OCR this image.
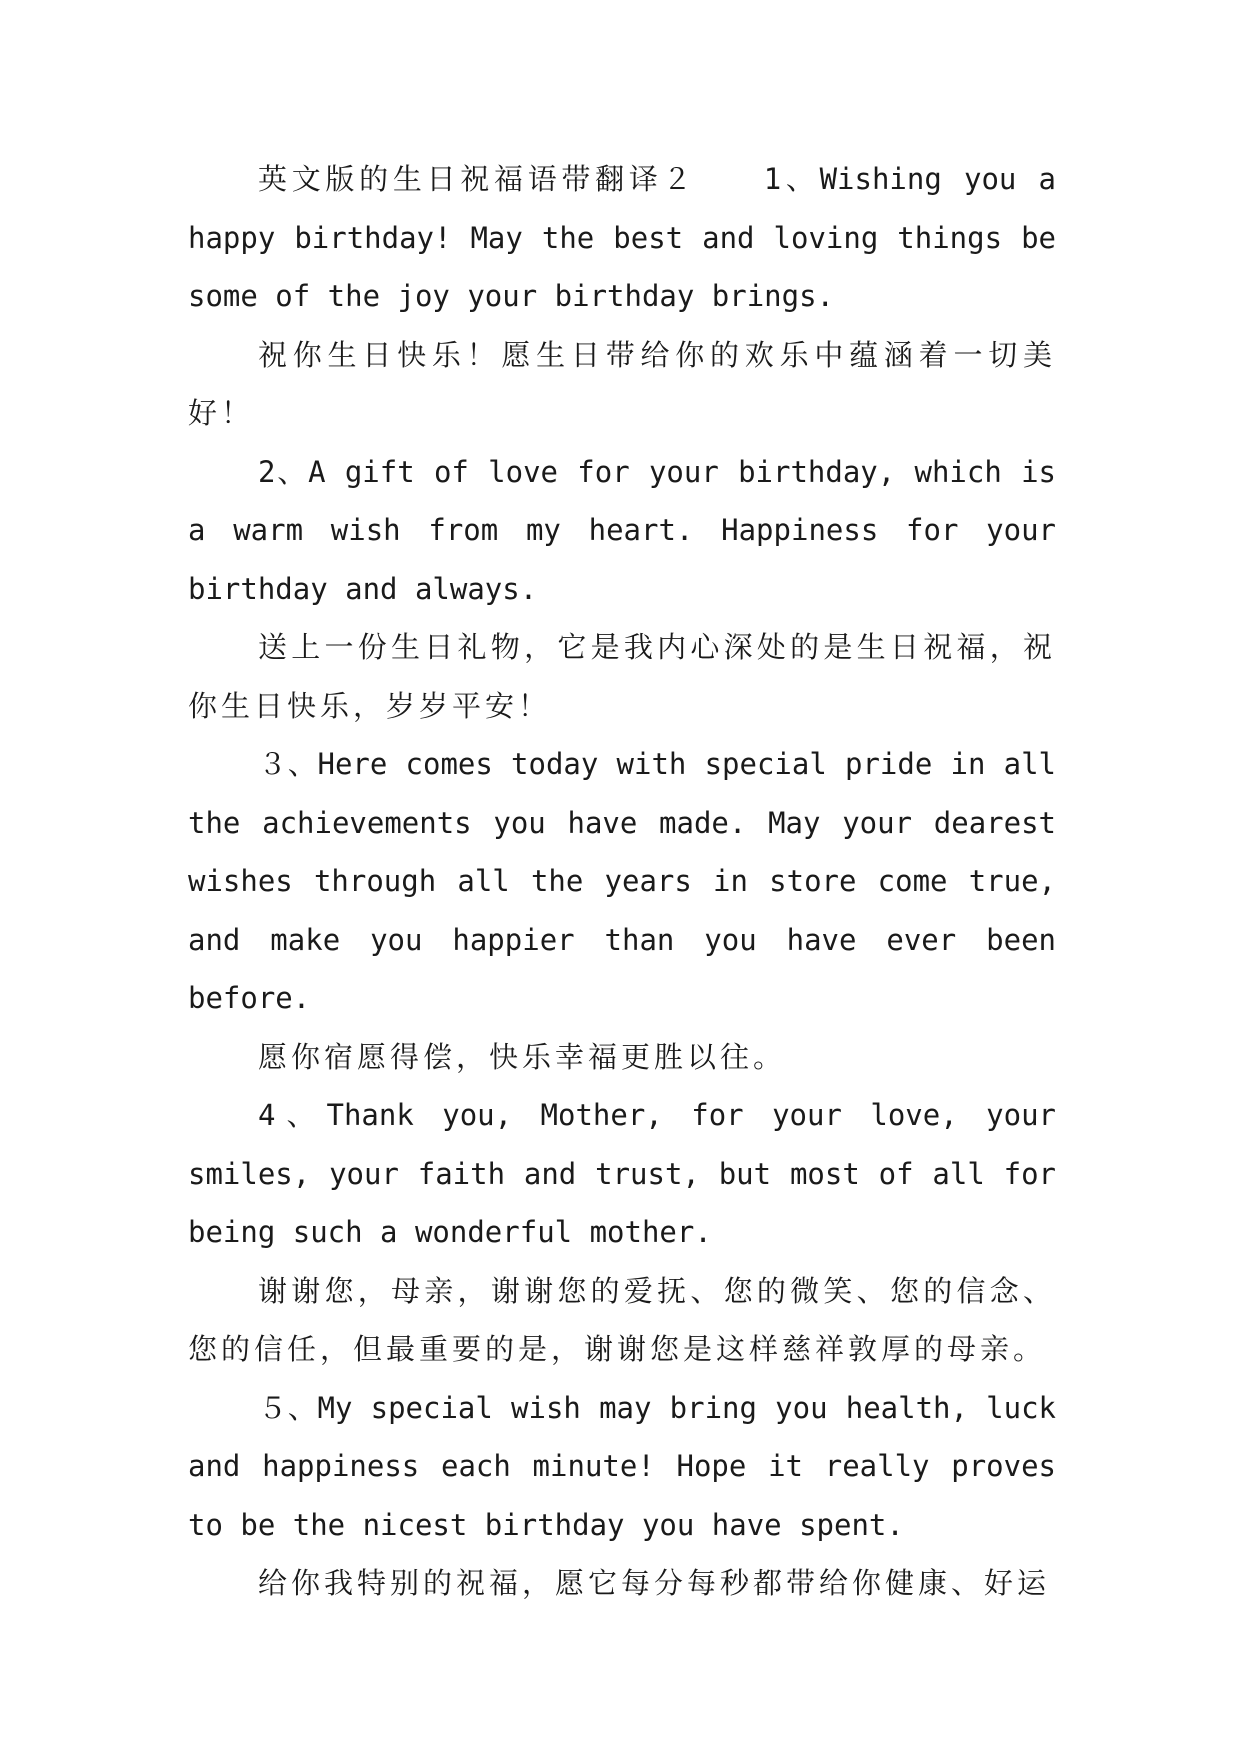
英文版的生日祝福语带翻译２　　1、Wishing you a happy birthday! May the best and loving things be some of the joy your birthday brings.

祝你生日快乐！愿生日带给你的欢乐中蕴涵着一切美好！

2、A gift of love for your birthday, which is a warm wish from my heart. Happiness for your birthday and always.

送上一份生日礼物，它是我内心深处的是生日祝福，祝你生日快乐，岁岁平安！

３、Here comes today with special pride in all the achievements you have made. May your dearest wishes through all the years in store come true, and make you happier than you have ever been before.

愿你宿愿得偿，快乐幸福更胜以往。

4、Thank you, Mother, for your love, your smiles, your faith and trust, but most of all for being such a wonderful mother.

谢谢您，母亲，谢谢您的爱抚、您的微笑、您的信念、您的信任，但最重要的是，谢谢您是这样慈祥敦厚的母亲。

５、My special wish may bring you health, luck and happiness each minute! Hope it really proves to be the nicest birthday you have spent.

给你我特别的祝福，愿它每分每秒都带给你健康、好运
